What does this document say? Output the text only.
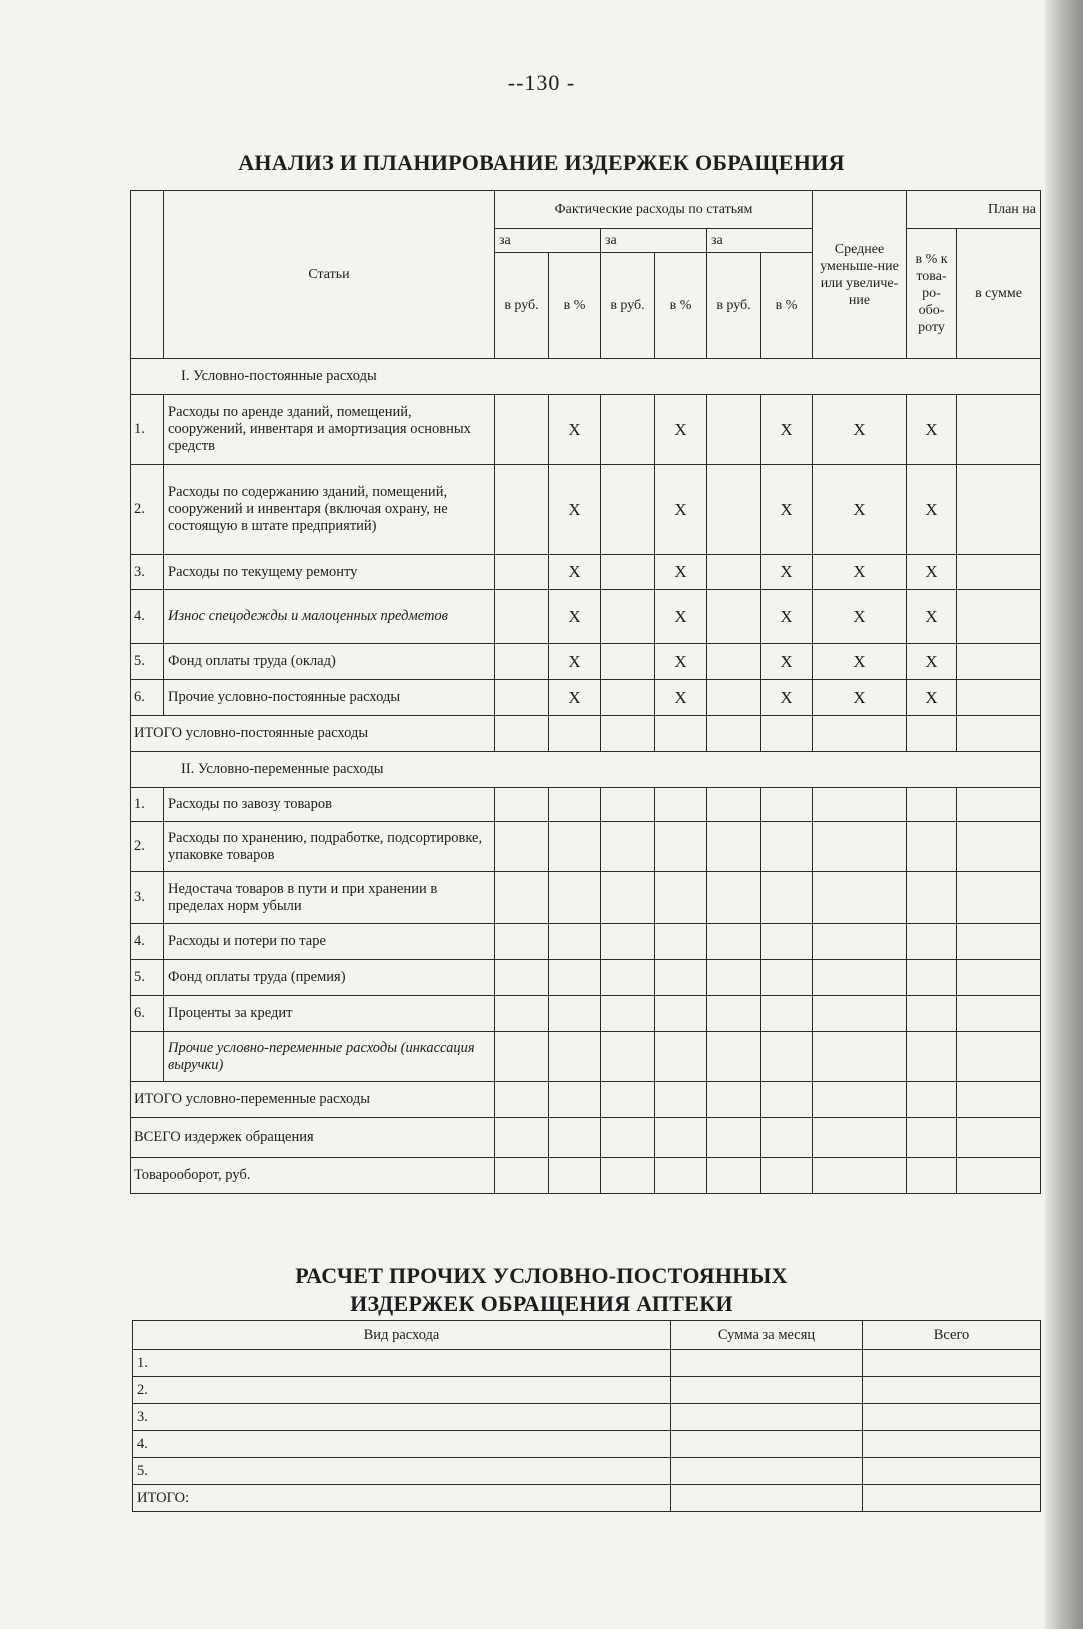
--130 -
АНАЛИЗ И ПЛАНИРОВАНИЕ ИЗДЕРЖЕК ОБРАЩЕНИЯ
	Статьи	Фактические расходы по статьям						Среднее уменьше-ние или увеличе-ние	План на	
		за		за		за			в % к това-ро-обо-роту	в сумме
		в руб.	в %	в руб.	в %	в руб.	в %			
I. Условно-постоянные расходы										
1.	Расходы по аренде зданий, помещений, сооружений, инвентаря и амортизация основных средств		X		X		X	X	X	
2.	Расходы по содержанию зданий, помещений, сооружений и инвентаря (включая охрану, не состоящую в штате предприятий)		X		X		X	X	X	
3.	Расходы по текущему ремонту		X		X		X	X	X	
4.	Износ спецодежды и малоценных предметов		X		X		X	X	X	
5.	Фонд оплаты труда (оклад)		X		X		X	X	X	
6.	Прочие условно-постоянные расходы		X		X		X	X	X	
ИТОГО условно-постоянные расходы										
II. Условно-переменные расходы										
1.	Расходы по завозу товаров									
2.	Расходы по хранению, подработке, подсортировке, упаковке товаров									
3.	Недостача товаров в пути и при хранении в пределах норм убыли									
4.	Расходы и потери по таре									
5.	Фонд оплаты труда (премия)									
6.	Проценты за кредит									
	Прочие условно-переменные расходы (инкассация выручки)									
ИТОГО условно-переменные расходы										
ВСЕГО издержек обращения										
Товарооборот, руб.										
РАСЧЕТ ПРОЧИХ УСЛОВНО-ПОСТОЯННЫХ
ИЗДЕРЖЕК ОБРАЩЕНИЯ АПТЕКИ
Вид расхода	Сумма за месяц	Всего
1.		
2.		
3.		
4.		
5.		
ИТОГО:		
